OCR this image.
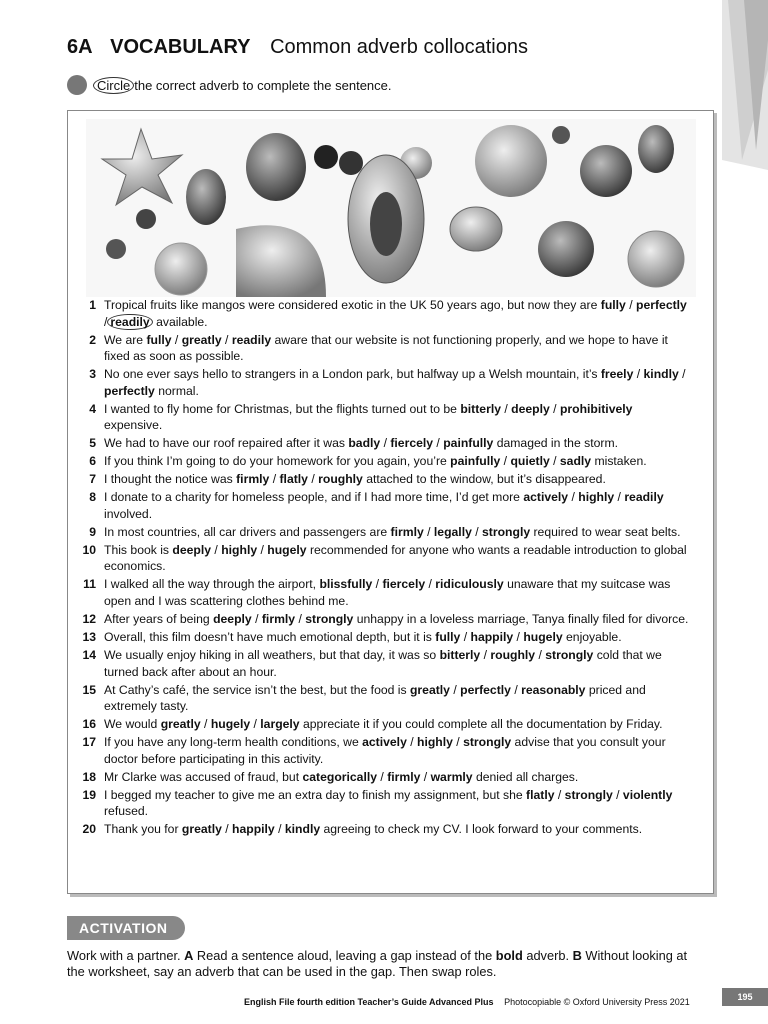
6A VOCABULARY Common adverb collocations
Circle the correct adverb to complete the sentence.
1 Tropical fruits like mangos were considered exotic in the UK 50 years ago, but now they are fully / perfectly / readily available.
2 We are fully / greatly / readily aware that our website is not functioning properly, and we hope to have it fixed as soon as possible.
3 No one ever says hello to strangers in a London park, but halfway up a Welsh mountain, it’s freely / kindly / perfectly normal.
4 I wanted to fly home for Christmas, but the flights turned out to be bitterly / deeply / prohibitively expensive.
5 We had to have our roof repaired after it was badly / fiercely / painfully damaged in the storm.
6 If you think I’m going to do your homework for you again, you’re painfully / quietly / sadly mistaken.
7 I thought the notice was firmly / flatly / roughly attached to the window, but it’s disappeared.
8 I donate to a charity for homeless people, and if I had more time, I’d get more actively / highly / readily involved.
9 In most countries, all car drivers and passengers are firmly / legally / strongly required to wear seat belts.
10 This book is deeply / highly / hugely recommended for anyone who wants a readable introduction to global economics.
11 I walked all the way through the airport, blissfully / fiercely / ridiculously unaware that my suitcase was open and I was scattering clothes behind me.
12 After years of being deeply / firmly / strongly unhappy in a loveless marriage, Tanya finally filed for divorce.
13 Overall, this film doesn’t have much emotional depth, but it is fully / happily / hugely enjoyable.
14 We usually enjoy hiking in all weathers, but that day, it was so bitterly / roughly / strongly cold that we turned back after about an hour.
15 At Cathy’s café, the service isn’t the best, but the food is greatly / perfectly / reasonably priced and extremely tasty.
16 We would greatly / hugely / largely appreciate it if you could complete all the documentation by Friday.
17 If you have any long-term health conditions, we actively / highly / strongly advise that you consult your doctor before participating in this activity.
18 Mr Clarke was accused of fraud, but categorically / firmly / warmly denied all charges.
19 I begged my teacher to give me an extra day to finish my assignment, but she flatly / strongly / violently refused.
20 Thank you for greatly / happily / kindly agreeing to check my CV. I look forward to your comments.
ACTIVATION
Work with a partner. A Read a sentence aloud, leaving a gap instead of the bold adverb. B Without looking at the worksheet, say an adverb that can be used in the gap. Then swap roles.
English File fourth edition Teacher’s Guide Advanced Plus Photocopiable © Oxford University Press 2021	195
